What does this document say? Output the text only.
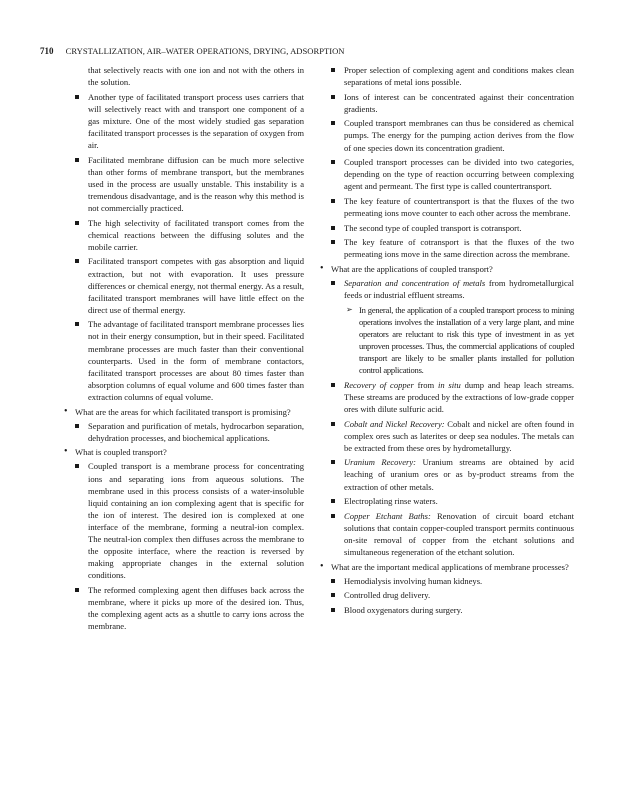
710 CRYSTALLIZATION, AIR–WATER OPERATIONS, DRYING, ADSORPTION
that selectively reacts with one ion and not with the others in the solution.
Another type of facilitated transport process uses carriers that will selectively react with and transport one component of a gas mixture. One of the most widely studied gas separation facilitated transport processes is the separation of oxygen from air.
Facilitated membrane diffusion can be much more selective than other forms of membrane transport, but the membranes used in the process are usually unstable. This instability is a tremendous disadvantage, and is the reason why this method is not commercially practiced.
The high selectivity of facilitated transport comes from the chemical reactions between the diffusing solutes and the mobile carrier.
Facilitated transport competes with gas absorption and liquid extraction, but not with evaporation. It uses pressure differences or chemical energy, not thermal energy. As a result, facilitated transport membranes will have little effect on the direct use of thermal energy.
The advantage of facilitated transport membrane processes lies not in their energy consumption, but in their speed. Facilitated membrane processes are much faster than their conventional counterparts. Used in the form of membrane contactors, facilitated transport processes are about 80 times faster than absorption columns of equal volume and 600 times faster than extraction columns of equal volume.
• What are the areas for which facilitated transport is promising?
Separation and purification of metals, hydrocarbon separation, dehydration processes, and biochemical applications.
• What is coupled transport?
Coupled transport is a membrane process for concentrating ions and separating ions from aqueous solutions. The membrane used in this process consists of a water-insoluble liquid containing an ion complexing agent that is specific for the ion of interest. The desired ion is complexed at one interface of the membrane, forming a neutral-ion complex. The neutral-ion complex then diffuses across the membrane to the opposite interface, where the reaction is reversed by making appropriate changes in the external solution conditions.
The reformed complexing agent then diffuses back across the membrane, where it picks up more of the desired ion. Thus, the complexing agent acts as a shuttle to carry ions across the membrane.
Proper selection of complexing agent and conditions makes clean separations of metal ions possible.
Ions of interest can be concentrated against their concentration gradients.
Coupled transport membranes can thus be considered as chemical pumps. The energy for the pumping action derives from the flow of one species down its concentration gradient.
Coupled transport processes can be divided into two categories, depending on the type of reaction occurring between complexing agent and permeant. The first type is called countertransport.
The key feature of countertransport is that the fluxes of the two permeating ions move counter to each other across the membrane.
The second type of coupled transport is cotransport.
The key feature of cotransport is that the fluxes of the two permeating ions move in the same direction across the membrane.
• What are the applications of coupled transport?
Separation and concentration of metals from hydrometallurgical feeds or industrial effluent streams.
➢ In general, the application of a coupled transport process to mining operations involves the installation of a very large plant, and mine operators are reluctant to risk this type of investment in as yet unproven processes. Thus, the commercial applications of coupled transport are likely to be smaller plants installed for pollution control applications.
Recovery of copper from in situ dump and heap leach streams. These streams are produced by the extractions of low-grade copper ores with dilute sulfuric acid.
Cobalt and Nickel Recovery: Cobalt and nickel are often found in complex ores such as laterites or deep sea nodules. The metals can be extracted from these ores by hydrometallurgy.
Uranium Recovery: Uranium streams are obtained by acid leaching of uranium ores or as by-product streams from the extraction of other metals.
Electroplating rinse waters.
Copper Etchant Baths: Renovation of circuit board etchant solutions that contain copper-coupled transport permits continuous on-site removal of copper from the etchant solutions and simultaneous regeneration of the etchant solution.
• What are the important medical applications of membrane processes?
Hemodialysis involving human kidneys.
Controlled drug delivery.
Blood oxygenators during surgery.
